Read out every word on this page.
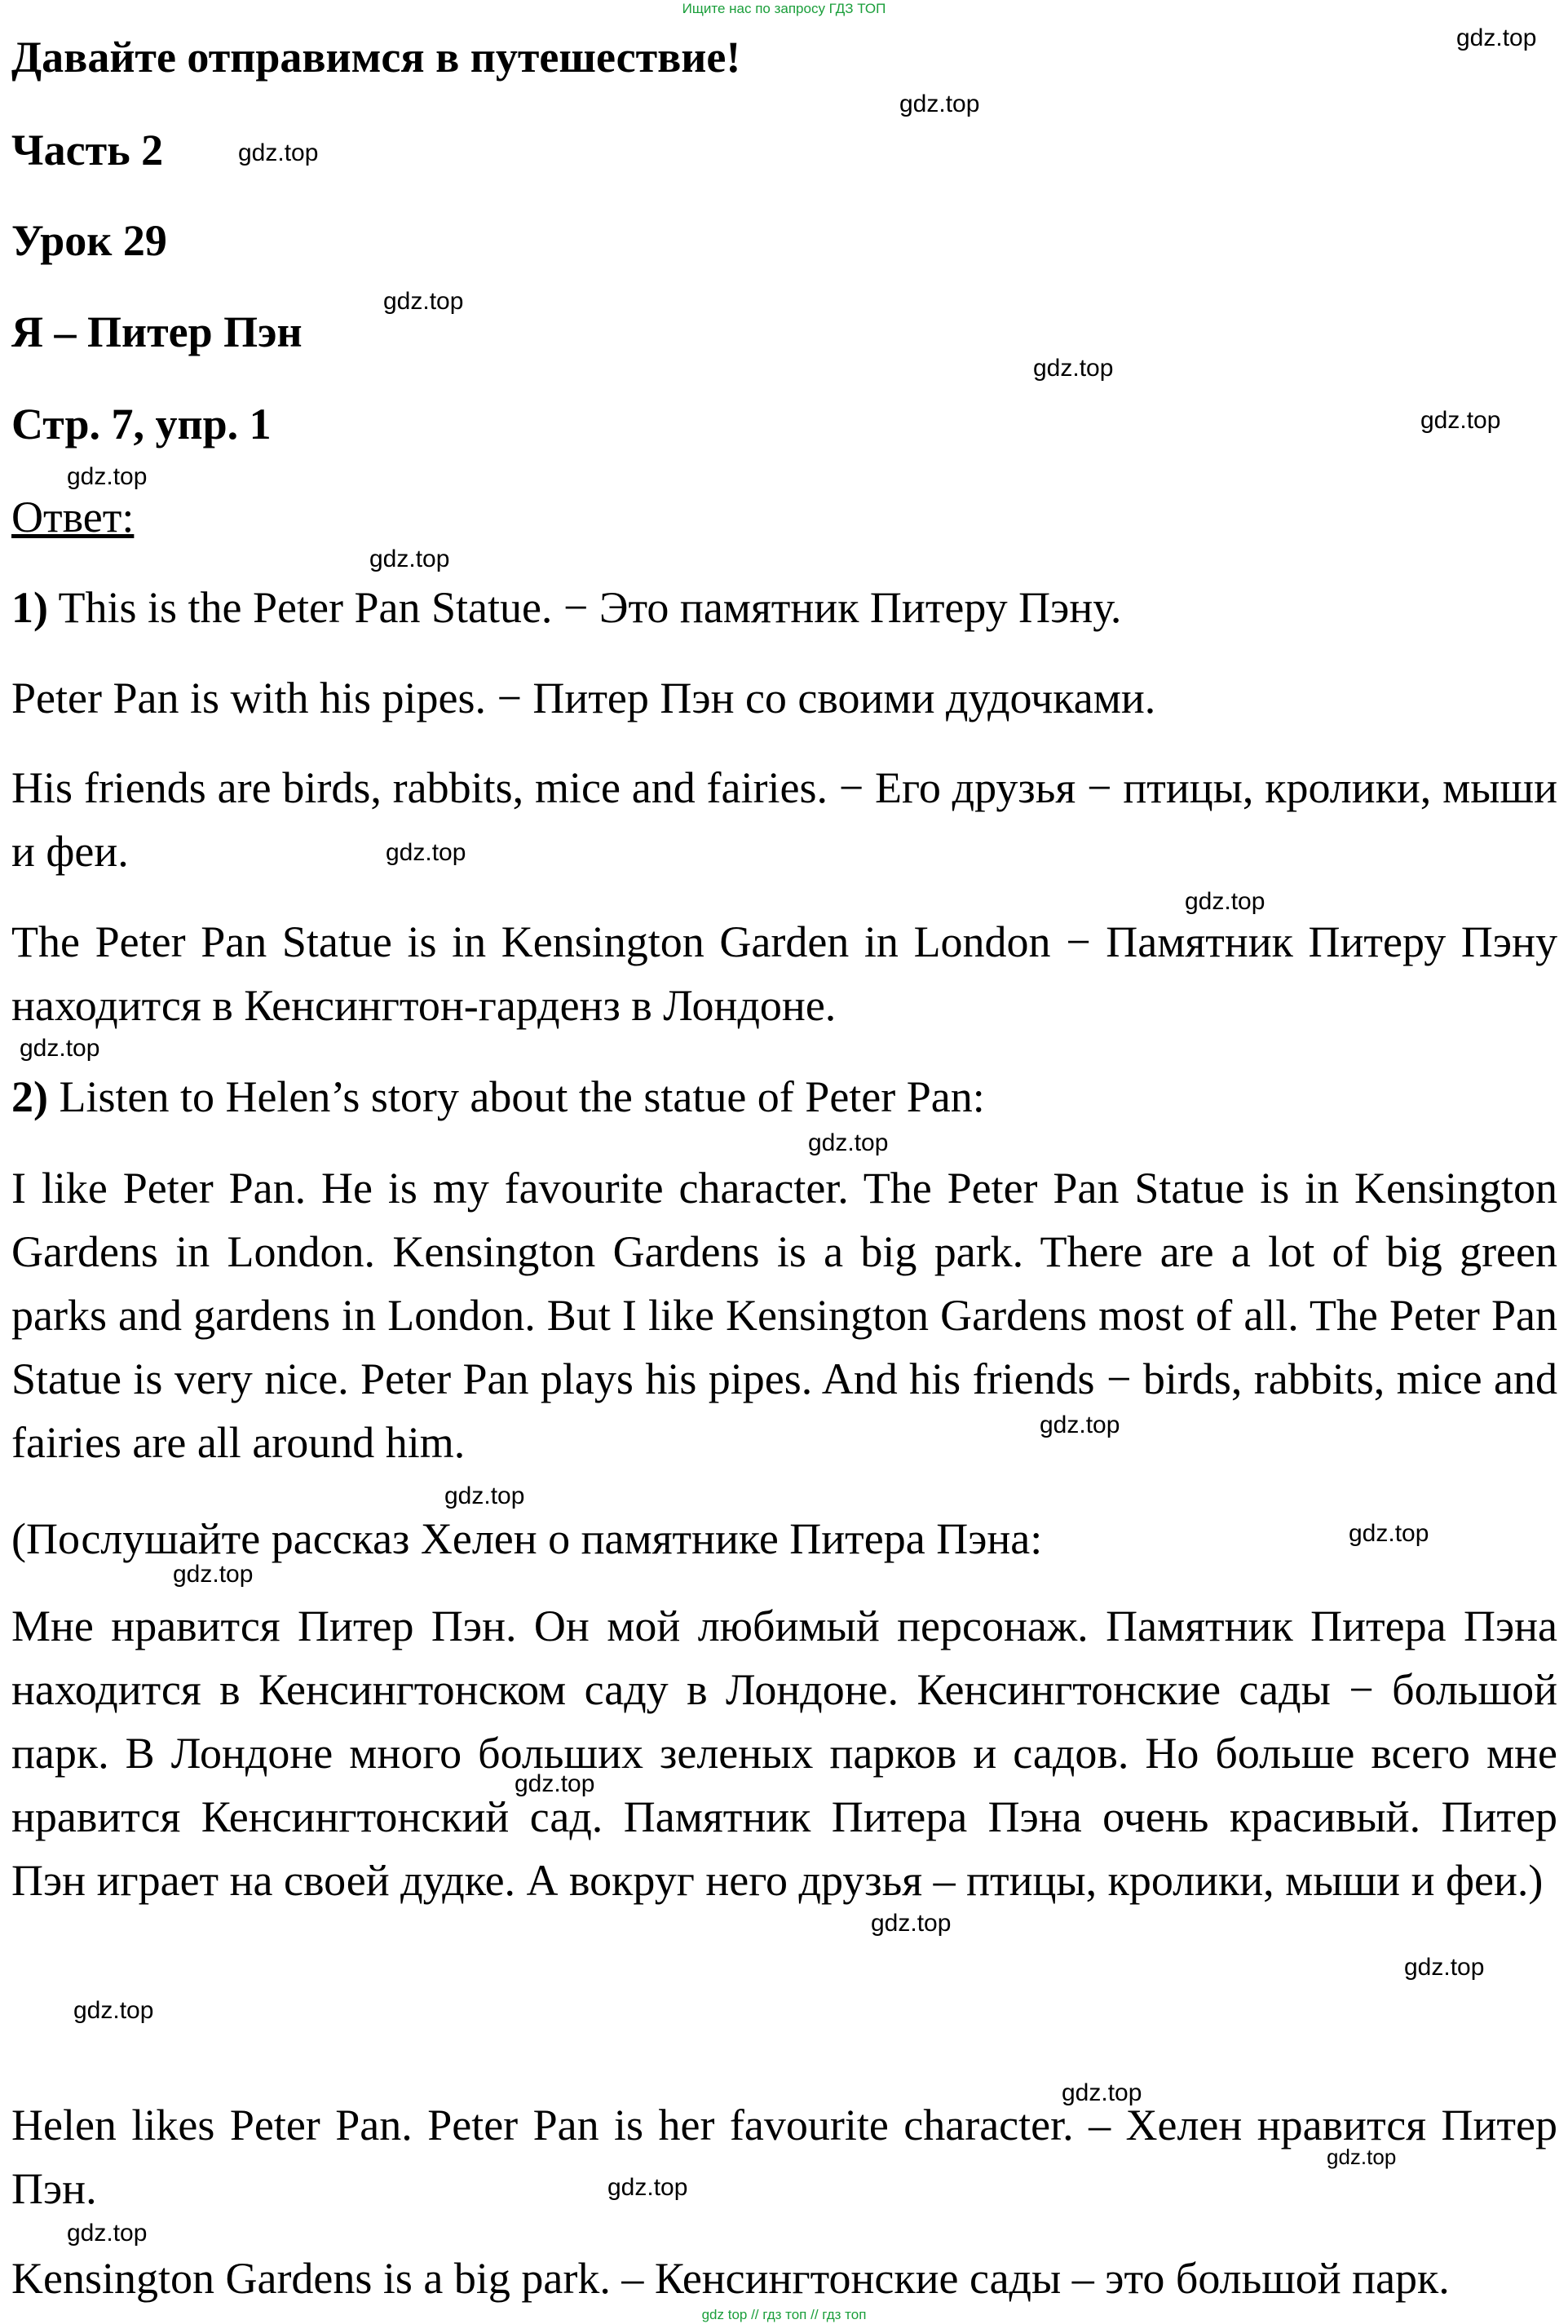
Ищите нас по запросу ГДЗ ТОП
Давайте отправимся в путешествие!
Часть 2
Урок 29
Я – Питер Пэн
Стр. 7, упр. 1
Ответ:
1) This is the Peter Pan Statue. − Это памятник Питеру Пэну.
Peter Pan is with his pipes. − Питер Пэн со своими дудочками.
His friends are birds, rabbits, mice and fairies. − Его друзья − птицы, кролики, мыши и феи.
The Peter Pan Statue is in Kensington Garden in London − Памятник Питеру Пэну находится в Кенсингтон-гарденз в Лондоне.
2) Listen to Helen’s story about the statue of Peter Pan:
I like Peter Pan. He is my favourite character. The Peter Pan Statue is in Kensington Gardens in London. Kensington Gardens is a big park. There are a lot of big green parks and gardens in London. But I like Kensington Gardens most of all. The Peter Pan Statue is very nice. Peter Pan plays his pipes. And his friends − birds, rabbits, mice and fairies are all around him.
(Послушайте рассказ Хелен о памятнике Питера Пэна:
Мне нравится Питер Пэн. Он мой любимый персонаж. Памятник Питера Пэна находится в Кенсингтонском саду в Лондоне. Кенсингтонские сады − большой парк. В Лондоне много больших зеленых парков и садов. Но больше всего мне нравится Кенсингтонский сад. Памятник Питера Пэна очень красивый. Питер Пэн играет на своей дудке. А вокруг него друзья – птицы, кролики, мыши и феи.)
Helen likes Peter Pan. Peter Pan is her favourite character. – Хелен нравится Питер Пэн.
Kensington Gardens is a big park. – Кенсингтонские сады – это большой парк.
gdz.top
gdz.top
gdz.top
gdz.top
gdz.top
gdz.top
gdz.top
gdz.top
gdz.top
gdz.top
gdz.top
gdz.top
gdz.top
gdz.top
gdz.top
gdz.top
gdz.top
gdz.top
gdz.top
gdz.top
gdz.top
gdz.top
gdz.top
gdz.top
gdz top // гдз топ // гдз топ
